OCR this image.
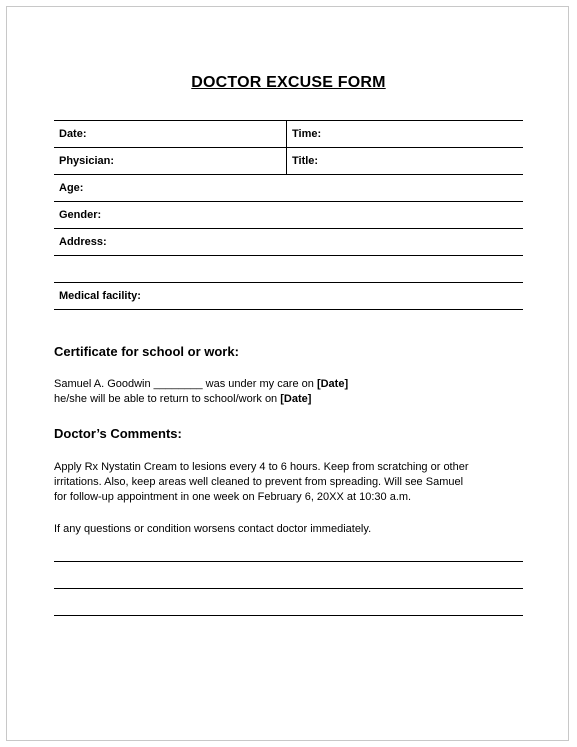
DOCTOR EXCUSE FORM
Date:	Time:
Physician:	Title:
Age:
Gender:
Address:
Medical facility:
Certificate for school or work:
Samuel A. Goodwin ________ was under my care on [Date]
he/she will be able to return to school/work on [Date]
Doctor’s Comments:
Apply Rx Nystatin Cream to lesions every 4 to 6 hours. Keep from scratching or other
irritations. Also, keep areas well cleaned to prevent from spreading. Will see Samuel
for follow-up appointment in one week on February 6, 20XX at 10:30 a.m.
If any questions or condition worsens contact doctor immediately.
